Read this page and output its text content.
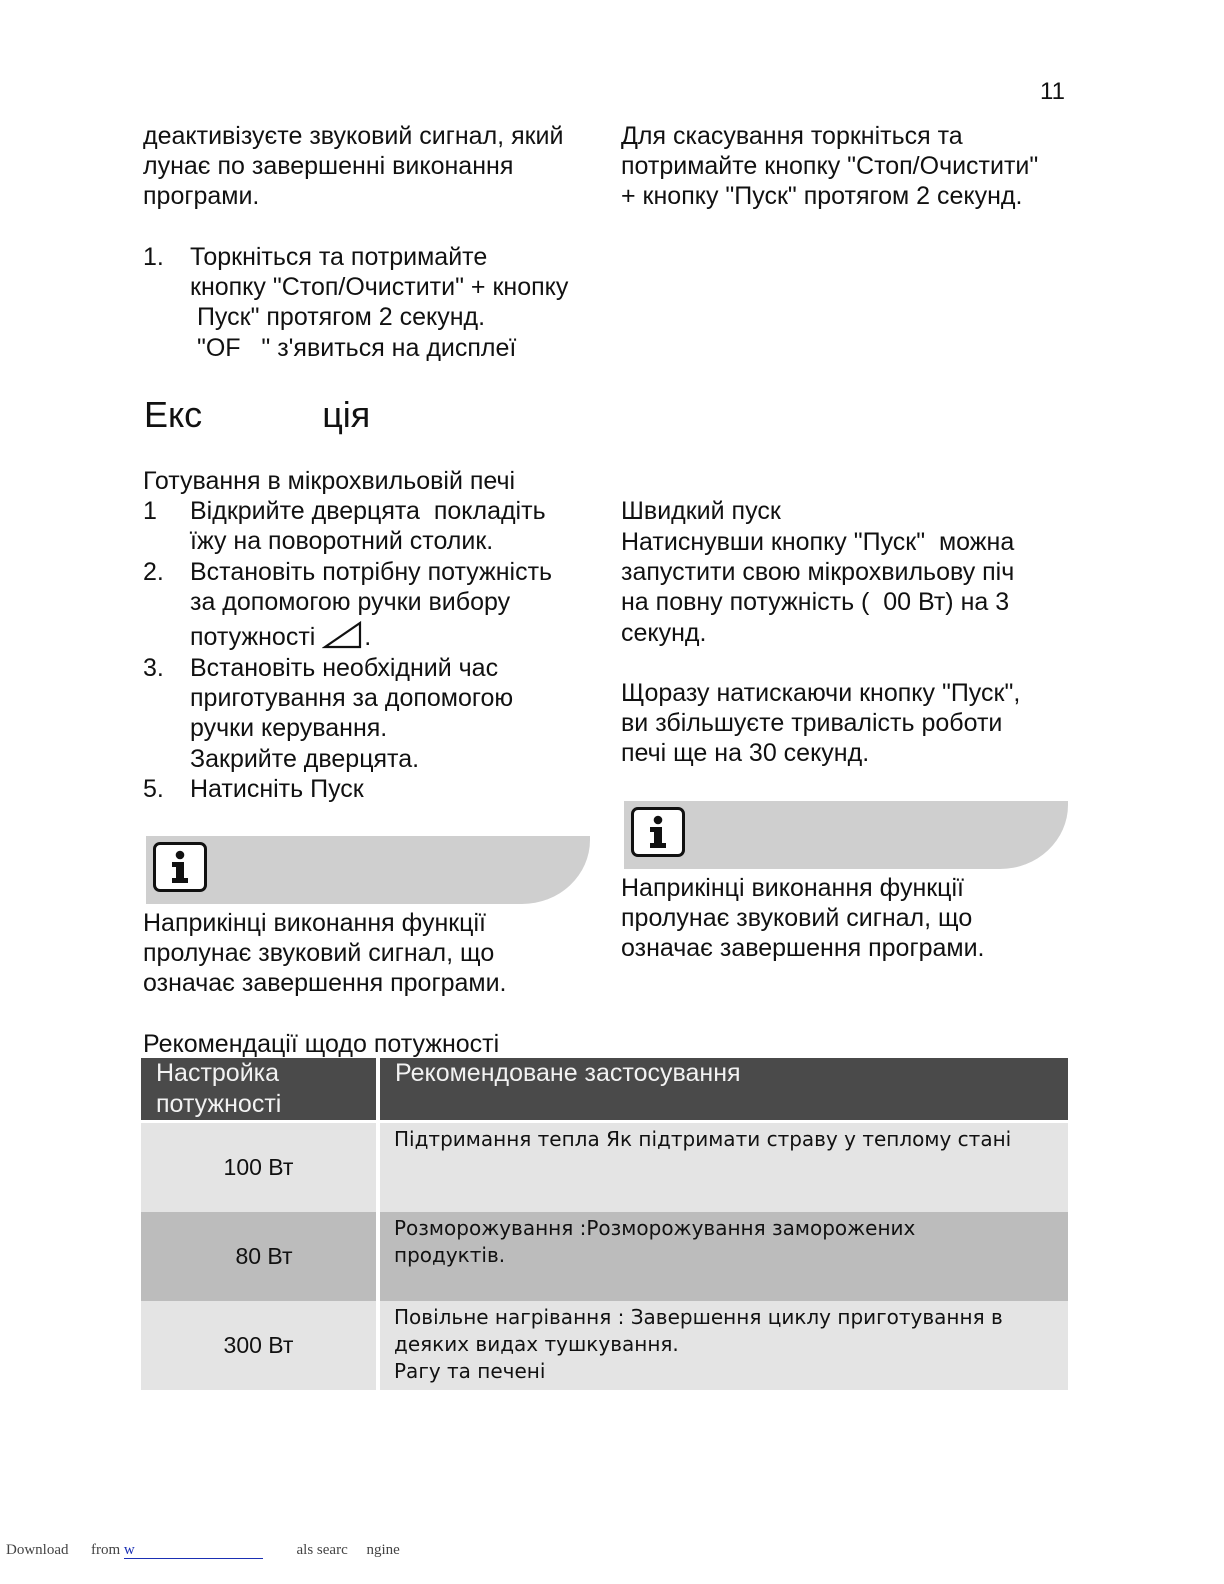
11
деактивізуєте звуковий сигнал, який
лунає по завершенні виконання
програми.
1. Торкніться та потримайте
кнопку "Стоп/Очистити" + кнопку
Пуск" протягом 2 секунд.
"OF   " з'явиться на дисплеї
Екс            ція
Готування в мікрохвильовій печі
1 Відкрийте дверцята  покладіть
їжу на поворотний столик.
2. Встановіть потрібну потужність
за допомогою ручки вибору
потужності .
3. Встановіть необхідний час
приготування за допомогою
ручки керування.
Закрийте дверцята.
5. Натисніть Пуск
Наприкінці виконання функції
пролунає звуковий сигнал, що
означає завершення програми.
Для скасування торкніться та
потримайте кнопку "Стоп/Очистити"
+ кнопку "Пуск" протягом 2 секунд.
Швидкий пуск
Натиснувши кнопку "Пуск"  можна
запустити свою мікрохвильову піч
на повну потужність (  00 Вт) на 3
секунд.
Щоразу натискаючи кнопку "Пуск",
ви збільшуєте тривалість роботи
печі ще на 30 секунд.
Наприкінці виконання функції
пролунає звуковий сигнал, що
означає завершення програми.
Рекомендації щодо потужності
Настройка
потужності	Рекомендоване застосування
100 Вт	Підтримання тепла Як підтримати страву у теплому стані
80 Вт	Розморожування :Розморожування заморожених
продуктів.
300 Вт	Повільне нагрівання : Завершення циклу приготування в
деяких видах тушкування.
Рагу та печені
Download from w	als searc     ngine
